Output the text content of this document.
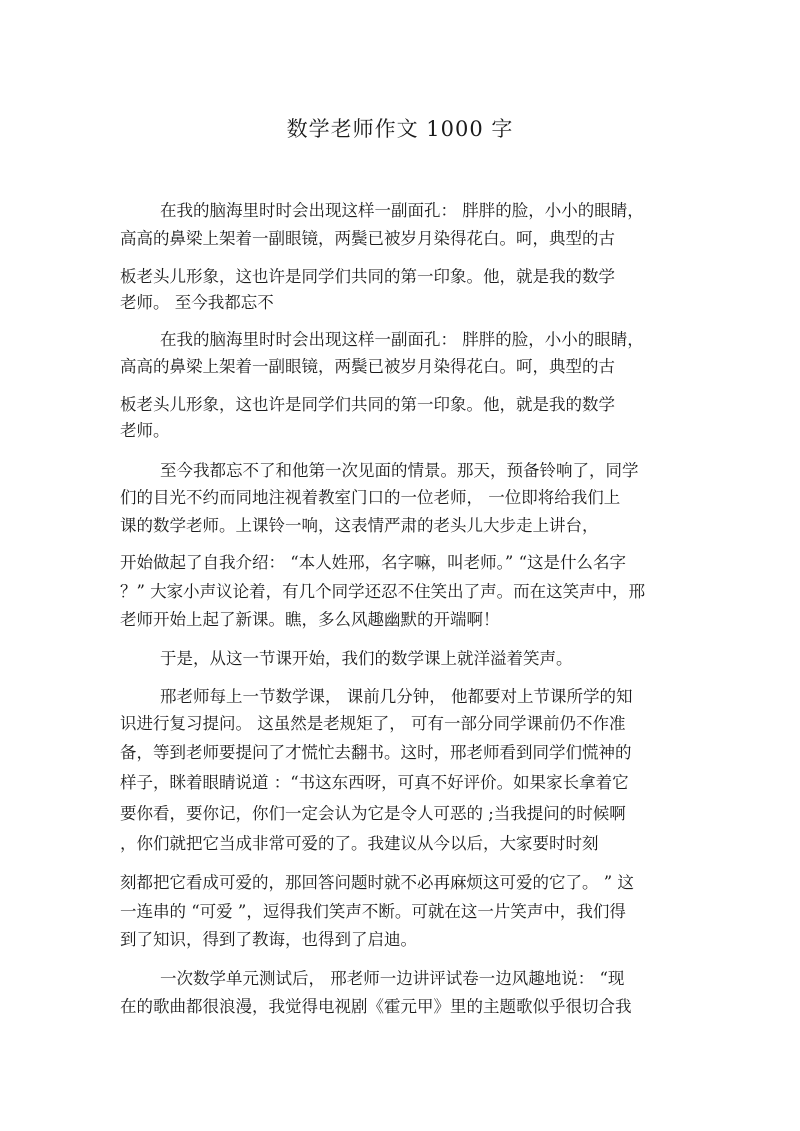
数学老师作文 1000 字

在我的脑海里时时会出现这样一副面孔： 胖胖的脸，小小的眼睛，

高高的鼻梁上架着一副眼镜，两鬓已被岁月染得花白。呵，典型的古

板老头儿形象，这也许是同学们共同的第一印象。他，就是我的数学

老师。 至今我都忘不

在我的脑海里时时会出现这样一副面孔： 胖胖的脸，小小的眼睛，

高高的鼻梁上架着一副眼镜，两鬓已被岁月染得花白。呵，典型的古

板老头儿形象，这也许是同学们共同的第一印象。他，就是我的数学

老师。

至今我都忘不了和他第一次见面的情景。那天，预备铃响了，同学

们的目光不约而同地注视着教室门口的一位老师， 一位即将给我们上

课的数学老师。上课铃一响，这表情严肃的老头儿大步走上讲台，

开始做起了自我介绍： “本人姓邢，名字嘛，叫老师。” “这是什么名字

？” 大家小声议论着，有几个同学还忍不住笑出了声。而在这笑声中，邢

老师开始上起了新课。瞧，多么风趣幽默的开端啊！

于是，从这一节课开始，我们的数学课上就洋溢着笑声。

邢老师每上一节数学课， 课前几分钟， 他都要对上节课所学的知

识进行复习提问。 这虽然是老规矩了， 可有一部分同学课前仍不作准

备，等到老师要提问了才慌忙去翻书。这时，邢老师看到同学们慌神的

样子，眯着眼睛说道 ：“书这东西呀，可真不好评价。如果家长拿着它

要你看，要你记，你们一定会认为它是令人可恶的 ;当我提问的时候啊

，你们就把它当成非常可爱的了。我建议从今以后，大家要时时刻

刻都把它看成可爱的，那回答问题时就不必再麻烦这可爱的它了。 ” 这

一连串的 “可爱 ”，逗得我们笑声不断。可就在这一片笑声中，我们得

到了知识，得到了教诲，也得到了启迪。

一次数学单元测试后， 邢老师一边讲评试卷一边风趣地说： “现

在的歌曲都很浪漫，我觉得电视剧《霍元甲》里的主题歌似乎很切合我
